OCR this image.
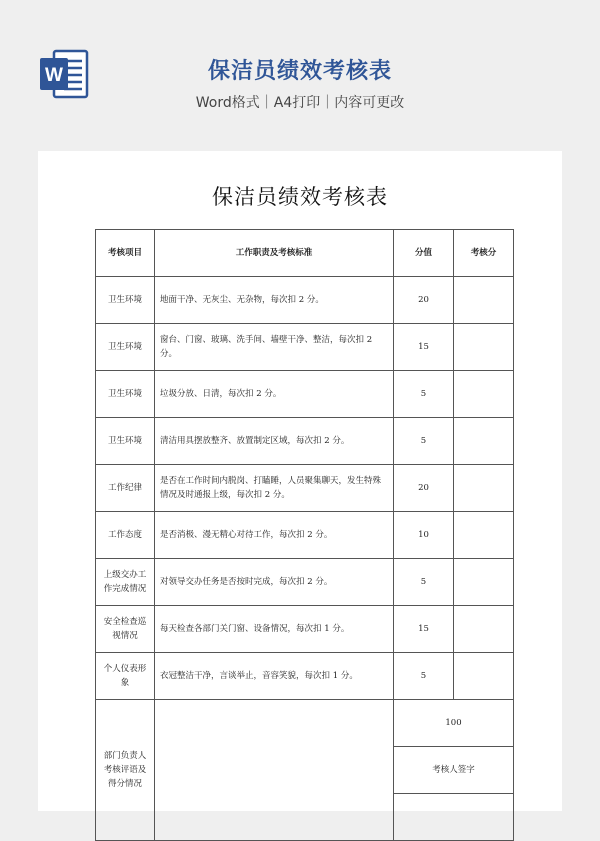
W	保洁员绩效考核表
Word格式｜A4打印｜内容可更改
保洁员绩效考核表
考核项目	工作职责及考核标准	分值	考核分
卫生环境	地面干净、无灰尘、无杂物，每次扣 2 分。	20	
卫生环境	窗台、门窗、玻璃、洗手间、墙壁干净、整洁，每次扣 2 分。	15	
卫生环境	垃圾分放、日清，每次扣 2 分。	5	
卫生环境	清洁用具摆放整齐、放置制定区域，每次扣 2 分。	5	
工作纪律	是否在工作时间内脱岗、打瞌睡，人员聚集聊天，发生特殊情况及时通报上级，每次扣 2 分。	20	
工作态度	是否消极、漫无精心对待工作，每次扣 2 分。	10	
上级交办工作完成情况	对领导交办任务是否按时完成，每次扣 2 分。	5	
安全检查巡视情况	每天检查各部门关门窗、设备情况，每次扣 1 分。	15	
个人仪表形象	衣冠整洁干净，言谈举止，音容笑貌，每次扣 1 分。	5	
部门负责人考核评语及得分情况		100	
		考核人签字	
